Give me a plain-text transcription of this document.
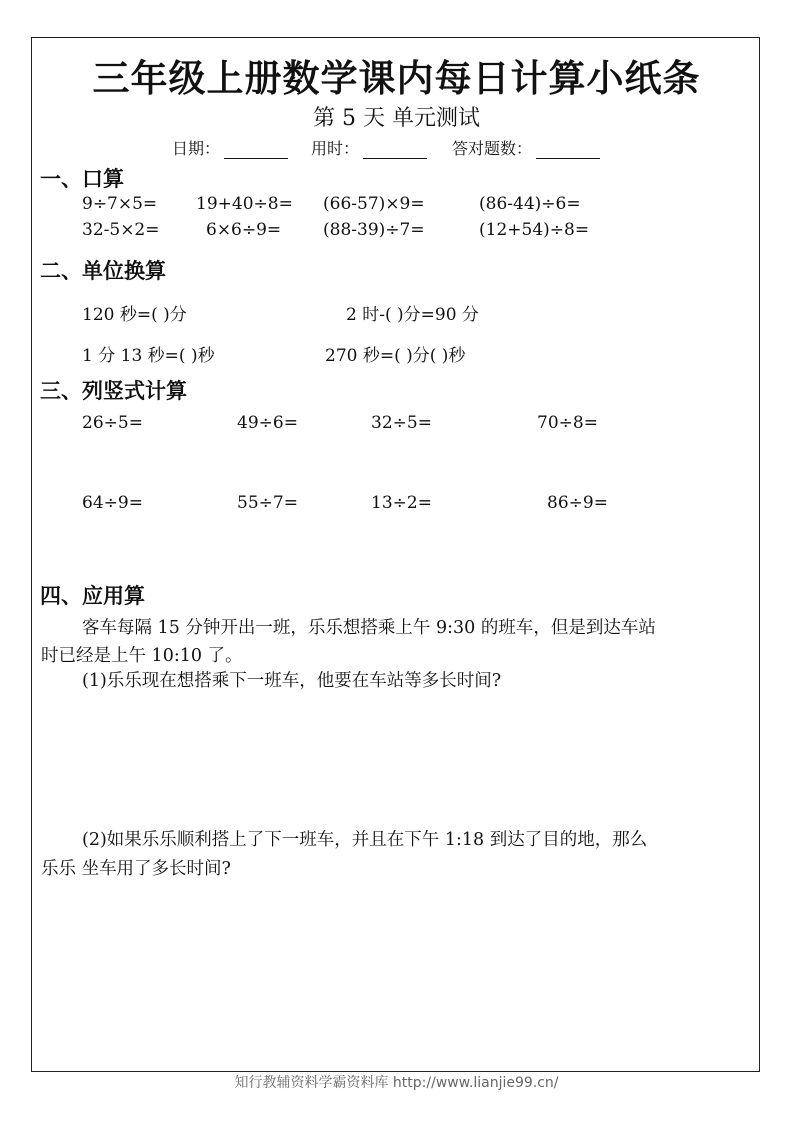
三年级上册数学课内每日计算小纸条
第 5 天 单元测试
日期：	用时：	答对题数：
一、口算
9÷7×5= 19+40÷8= (66-57)×9=	(86-44)÷6=
32-5×2=	6×6÷9= (88-39)÷7=	(12+54)÷8=
二、单位换算
120 秒=( )分	2 时-( )分=90 分
1 分 13 秒=( )秒	270 秒=( )分( )秒
三、列竖式计算
26÷5=	49÷6=	32÷5=	70÷8=
64÷9=	55÷7=	13÷2=	86÷9=
四、应用算
客车每隔 15 分钟开出一班，乐乐想搭乘上午 9:30 的班车，但是到达车站
时已经是上午 10:10 了。
(1)乐乐现在想搭乘下一班车，他要在车站等多长时间?
(2)如果乐乐顺利搭上了下一班车，并且在下午 1:18 到达了目的地，那么
乐乐 坐车用了多长时间?
知行教辅资料学霸资料库 http://www.lianjie99.cn/
